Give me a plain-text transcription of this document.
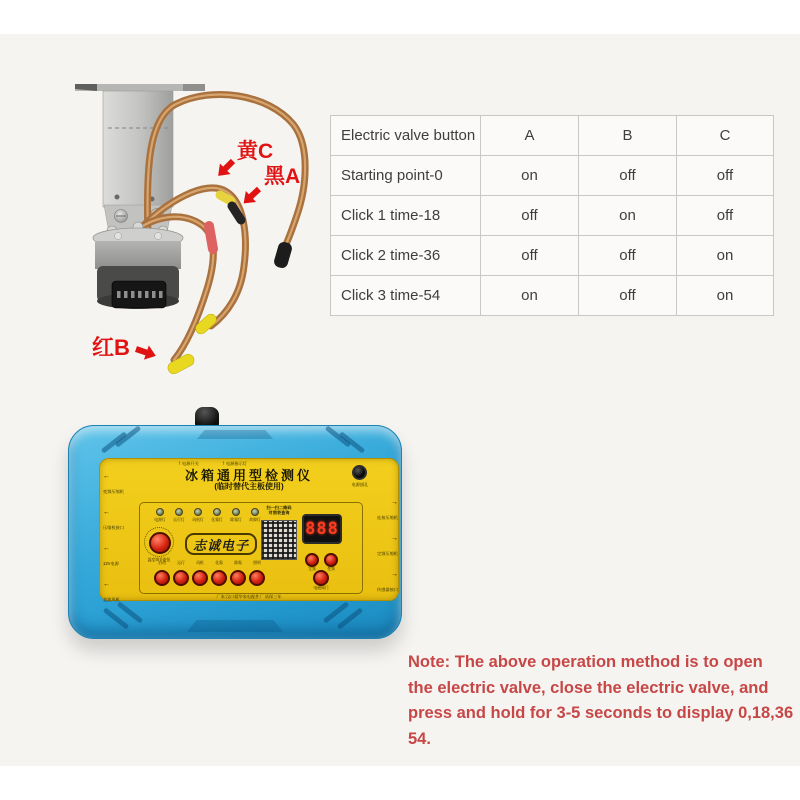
黄C
黑A
红B
Electric valve button	A	B	C
Starting point-0	on	off	off
Click 1 time-18	off	on	off
Click 2 time-36	off	off	on
Click 3 time-54	on	off	on
↑ 电源开关	↑ 电源指示灯
冰箱通用型检测仪
(临时替代主板使用)	电源插孔
←
变频压缩机
←
压缩机接口
←
12V电源
←
直流风机
→
连接压缩机
→
定频压缩机
→
传感器接口
电源灯	运行灯	风机灯	化霜灯	除霜灯	故障灯
温度调节旋钮
志诚电子
扫一扫二维码
对照表查询
888
定频	变频
电磁阀门
启动	运行	风机	化霜	除霜	照明
厂家:汉口精华家电配件厂 质保三年
Note: The above operation method is to open
the electric valve, close the electric valve, and
press and hold for 3-5 seconds to display 0,18,36 54.
